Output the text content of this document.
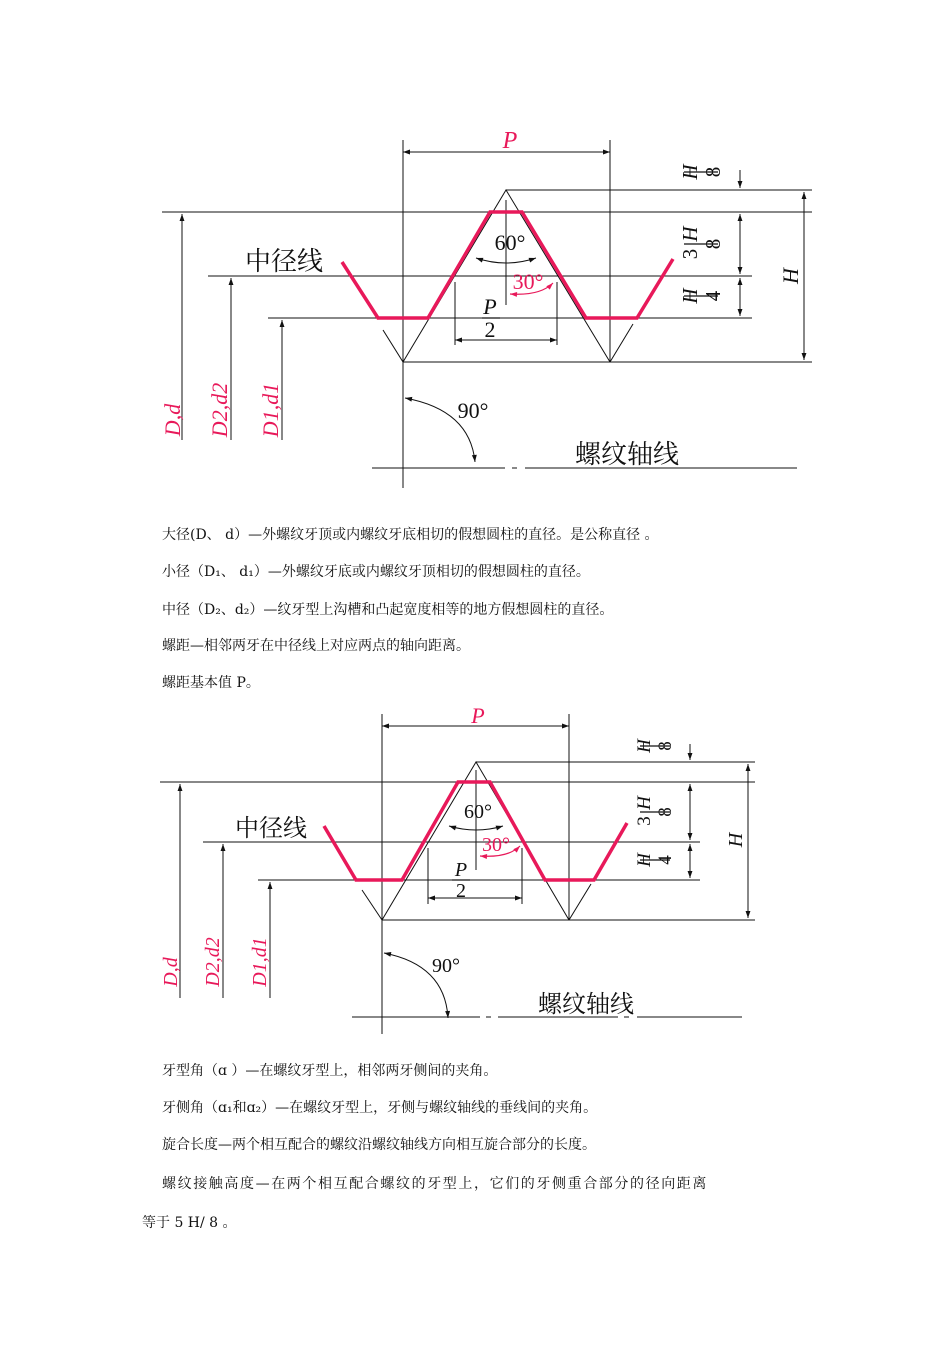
P
60°
30°
P
2
中径线
90°
螺纹轴线
H 8
3
H
8
H 4
H
D,d D2,d2 D1,d1
P
60°
30°
P
2
中径线
90°
螺纹轴线
H 8
3
H
8
H 4
H
D,d D2,d2 D1,d1
大径(D、 d）—外螺纹牙顶或内螺纹牙底相切的假想圆柱的直径。是公称直径 。
小径（D₁、 d₁）—外螺纹牙底或内螺纹牙顶相切的假想圆柱的直径。
中径（D₂、d₂）—纹牙型上沟槽和凸起宽度相等的地方假想圆柱的直径。
螺距—相邻两牙在中径线上对应两点的轴向距离。
螺距基本值 P。
牙型角（ɑ ）—在螺纹牙型上，相邻两牙侧间的夹角。
牙侧角（ɑ₁和ɑ₂）—在螺纹牙型上，牙侧与螺纹轴线的垂线间的夹角。
旋合长度—两个相互配合的螺纹沿螺纹轴线方向相互旋合部分的长度。
螺纹接触高度—在两个相互配合螺纹的牙型上，它们的牙侧重合部分的径向距离
等于 5 H/ 8 。
